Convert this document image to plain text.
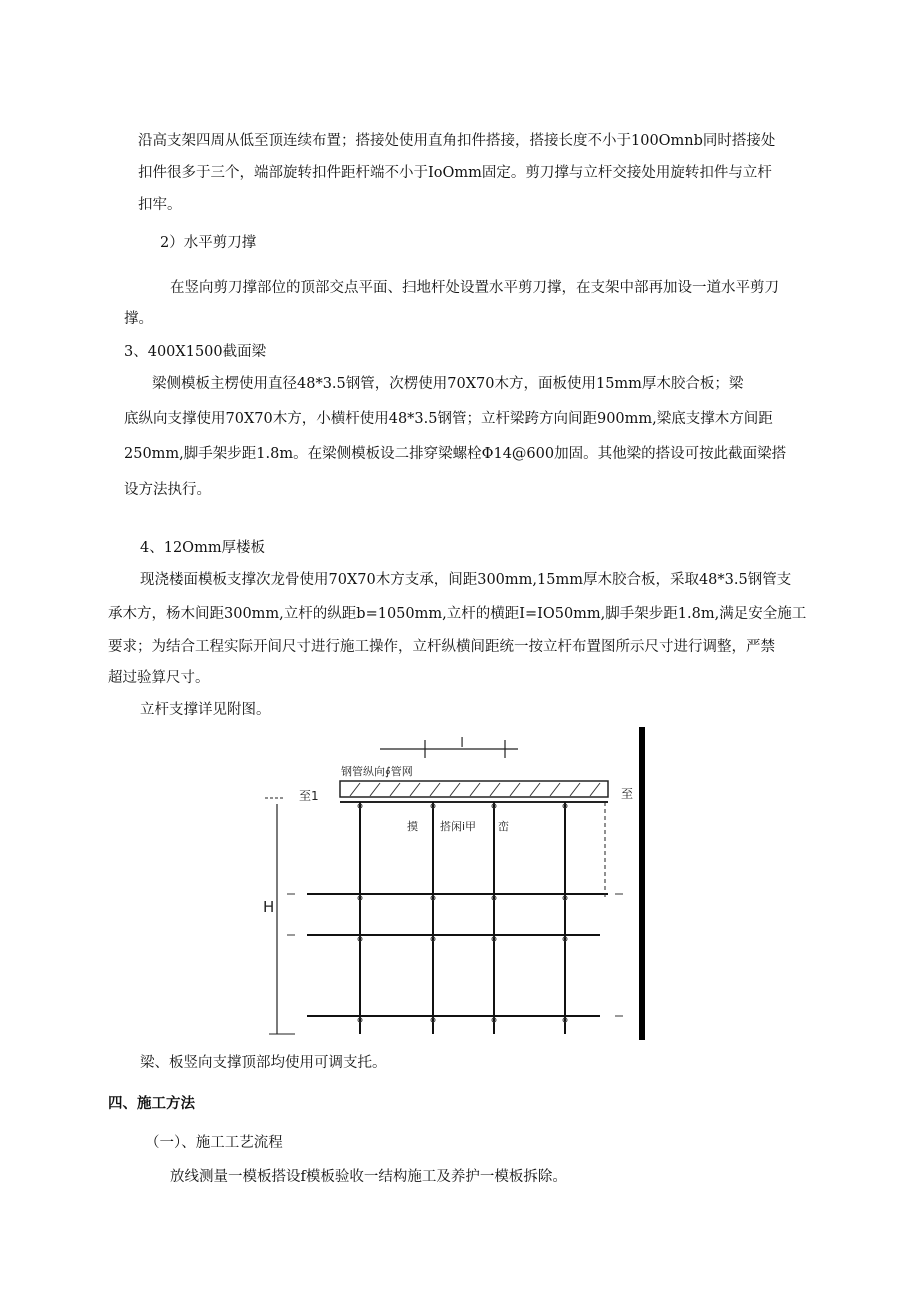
沿高支架四周从低至顶连续布置；搭接处使用直角扣件搭接，搭接长度不小于100Omnb同时搭接处
扣件很多于三个，端部旋转扣件距杆端不小于IoOmm固定。剪刀撑与立杆交接处用旋转扣件与立杆
扣牢。
2）水平剪刀撑
在竖向剪刀撑部位的顶部交点平面、扫地杆处设置水平剪刀撑，在支架中部再加设一道水平剪刀
撑。
3、400X1500截面梁
梁侧模板主楞使用直径48*3.5钢管，次楞使用70X70木方，面板使用15mm厚木胶合板；梁
底纵向支撑使用70X70木方，小横杆使用48*3.5钢管；立杆梁跨方向间距900mm,梁底支撑木方间距
250mm,脚手架步距1.8m。在梁侧模板设二排穿梁螺栓Φ14@600加固。其他梁的搭设可按此截面梁搭
设方法执行。
4、12Omm厚楼板
现浇楼面模板支撑次龙骨使用70X70木方支承，间距300mm,15mm厚木胶合板，采取48*3.5钢管支
承木方，杨木间距300mm,立杆的纵距b=1050mm,立杆的横距I=IO50mm,脚手架步距1.8m,满足安全施工
要求；为结合工程实际开间尺寸进行施工操作，立杆纵横间距统一按立杆布置图所示尺寸进行调整，严禁
超过验算尺寸。
立杆支撑详见附图。
l
钢管纵向∮管网
至1	至
摸　　搭闲i甲　　峦
H
梁、板竖向支撑顶部均使用可调支托。
四、施工方法
（一）、施工工艺流程
放线测量一模板搭设f模板验收一结构施工及养护一模板拆除。
